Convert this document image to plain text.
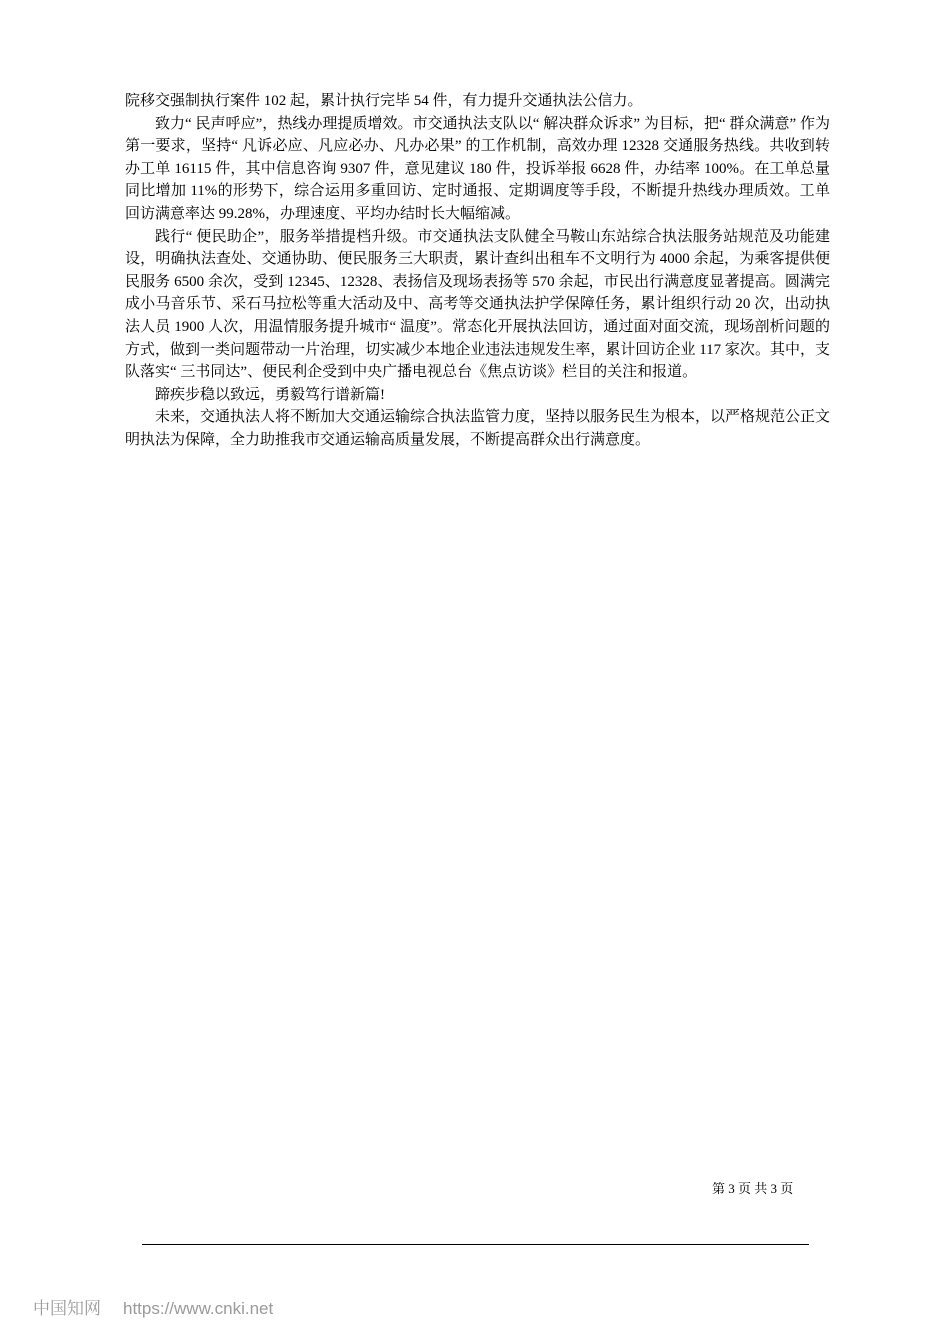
院移交强制执行案件 102 起，累计执行完毕 54 件，有力提升交通执法公信力。

致力“ 民声呼应”，热线办理提质增效。市交通执法支队以“ 解决群众诉求” 为目标，把“ 群众满意” 作为第一要求，坚持“ 凡诉必应、凡应必办、凡办必果” 的工作机制，高效办理 12328 交通服务热线。共收到转办工单 16115 件，其中信息咨询 9307 件，意见建议 180 件，投诉举报 6628 件，办结率 100%。在工单总量同比增加 11%的形势下，综合运用多重回访、定时通报、定期调度等手段，不断提升热线办理质效。工单回访满意率达 99.28%，办理速度、平均办结时长大幅缩减。

践行“ 便民助企”，服务举措提档升级。市交通执法支队健全马鞍山东站综合执法服务站规范及功能建设，明确执法查处、交通协助、便民服务三大职责，累计查纠出租车不文明行为 4000 余起，为乘客提供便民服务 6500 余次，受到 12345、12328、表扬信及现场表扬等 570 余起，市民出行满意度显著提高。圆满完成小马音乐节、采石马拉松等重大活动及中、高考等交通执法护学保障任务，累计组织行动 20 次，出动执法人员 1900 人次，用温情服务提升城市“ 温度”。常态化开展执法回访，通过面对面交流，现场剖析问题的方式，做到一类问题带动一片治理，切实减少本地企业违法违规发生率，累计回访企业 117 家次。其中，支队落实“ 三书同达”、便民利企受到中央广播电视总台《焦点访谈》栏目的关注和报道。

蹄疾步稳以致远，勇毅笃行谱新篇!

未来，交通执法人将不断加大交通运输综合执法监管力度，坚持以服务民生为根本，以严格规范公正文明执法为保障，全力助推我市交通运输高质量发展，不断提高群众出行满意度。

第 3 页 共 3 页
中国知网 https://www.cnki.net
